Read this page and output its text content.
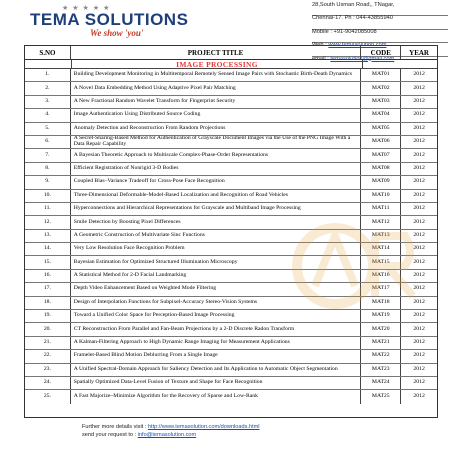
★★★★★
TEMA SOLUTIONS
We show 'you'
28,South Usman Road,, TNagar,
Chennai-17. Ph : 044-43855940
Mobile : +91-9042085008
Web : www.temasolution.com
email : temasolution@gmail.com
S.NO	PROJECT TITLE	CODE	YEAR
IMAGE PROCESSING
1.	Building Development Monitoring in Multitemporal Remotely Sensed Image Pairs with Stochastic Birth-Death Dynamics	MAT01	2012
2.	A Novel Data Embedding Method Using Adaptive Pixel Pair Matching	MAT02	2012
3.	A New Fractional Random Wavelet Transform for Fingerprint Security	MAT03	2012
4.	Image Authentication Using Distributed Source Coding	MAT04	2012
5.	Anomaly Detection and Reconstruction From Random Projections	MAT05	2012
6.	A Secret-Sharing-Based Method for Authentication of Grayscale Document Images via the Use of the PNG Image With a Data Repair Capability	MAT06	2012
7.	A Bayesian Theoretic Approach to Multiscale Complex-Phase-Order Representations	MAT07	2012
8.	Efficient Registration of Nonrigid 3-D Bodies	MAT08	2012
9.	Coupled Bias–Variance Tradeoff for Cross-Pose Face Recognition	MAT09	2012
10.	Three-Dimensional Deformable-Model-Based Localization and Recognition of Road Vehicles	MAT10	2012
11.	Hyperconnections and Hierarchical Representations for Grayscale and Multiband Image Processing	MAT11	2012
12.	Smile Detection by Boosting Pixel Differences	MAT12	2012
13.	A Geometric Construction of Multivariate Sinc Functions	MAT13	2012
14.	Very Low Resolution Face Recognition Problem	MAT14	2012
15.	Bayesian Estimation for Optimized Structured Illumination Microscopy	MAT15	2012
16.	A Statistical Method for 2-D Facial Landmarking	MAT16	2012
17.	Depth Video Enhancement Based on Weighted Mode Filtering	MAT17	2012
18.	Design of Interpolation Functions for Subpixel-Accuracy Stereo-Vision Systems	MAT18	2012
19.	Toward a Unified Color Space for Perception-Based Image Processing	MAT19	2012
20.	CT Reconstruction From Parallel and Fan-Beam Projections by a 2-D Discrete Radon Transform	MAT20	2012
21.	A Kalman-Filtering Approach to High Dynamic Range Imaging for Measurement Applications	MAT21	2012
22.	Framelet-Based Blind Motion Deblurring From a Single Image	MAT22	2012
23.	A Unified Spectral-Domain Approach for Saliency Detection and Its Application to Automatic Object Segmentation	MAT23	2012
24.	Spatially Optimized Data-Level Fusion of Texture and Shape for Face Recognition	MAT24	2012
25.	A Fast Majorize–Minimize Algorithm for the Recovery of Sparse and Low-Rank	MAT25	2012
Further more details visit : http://www.temasolution.com/downloads.html
send your request to : info@temasolution.com
